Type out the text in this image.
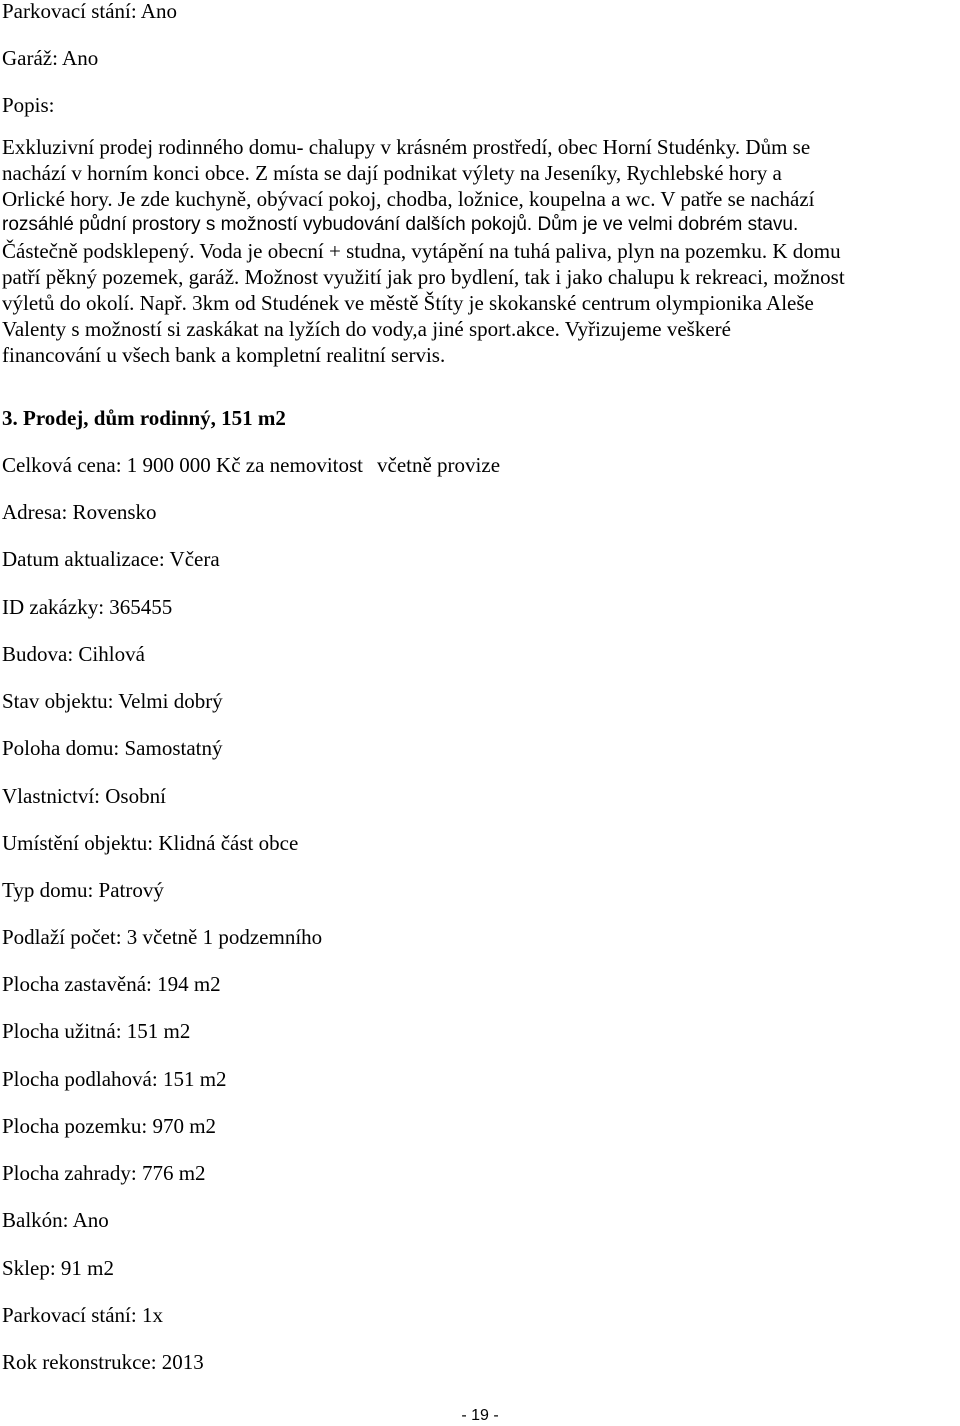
Parkovací stání: Ano

Garáž: Ano

Popis:

Exkluzivní prodej rodinného domu- chalupy v krásném prostředí, obec Horní Studénky. Dům se
nachází v horním konci obce. Z místa se dají podnikat výlety na Jeseníky, Rychlebské hory a
Orlické hory. Je zde kuchyně, obývací pokoj, chodba, ložnice, koupelna a wc. V patře se nachází
rozsáhlé půdní prostory s možností vybudování dalších pokojů. Dům je ve velmi dobrém stavu.
Částečně podsklepený. Voda je obecní + studna, vytápění na tuhá paliva, plyn na pozemku. K domu
patří pěkný pozemek, garáž. Možnost využití jak pro bydlení, tak i jako chalupu k rekreaci, možnost
výletů do okolí. Např. 3km od Studének ve městě Štíty je skokanské centrum olympionika Aleše
Valenty s možností si zaskákat na lyžích do vody,a jiné sport.akce. Vyřizujeme veškeré
financování u všech bank a kompletní realitní servis.

3. Prodej, dům rodinný, 151 m2

Celková cena: 1 900 000 Kč za nemovitost včetně provize

Adresa: Rovensko

Datum aktualizace: Včera

ID zakázky: 365455

Budova: Cihlová

Stav objektu: Velmi dobrý

Poloha domu: Samostatný

Vlastnictví: Osobní

Umístění objektu: Klidná část obce

Typ domu: Patrový

Podlaží počet: 3 včetně 1 podzemního

Plocha zastavěná: 194 m2

Plocha užitná: 151 m2

Plocha podlahová: 151 m2

Plocha pozemku: 970 m2

Plocha zahrady: 776 m2

Balkón: Ano

Sklep: 91 m2

Parkovací stání: 1x

Rok rekonstrukce: 2013

- 19 -
